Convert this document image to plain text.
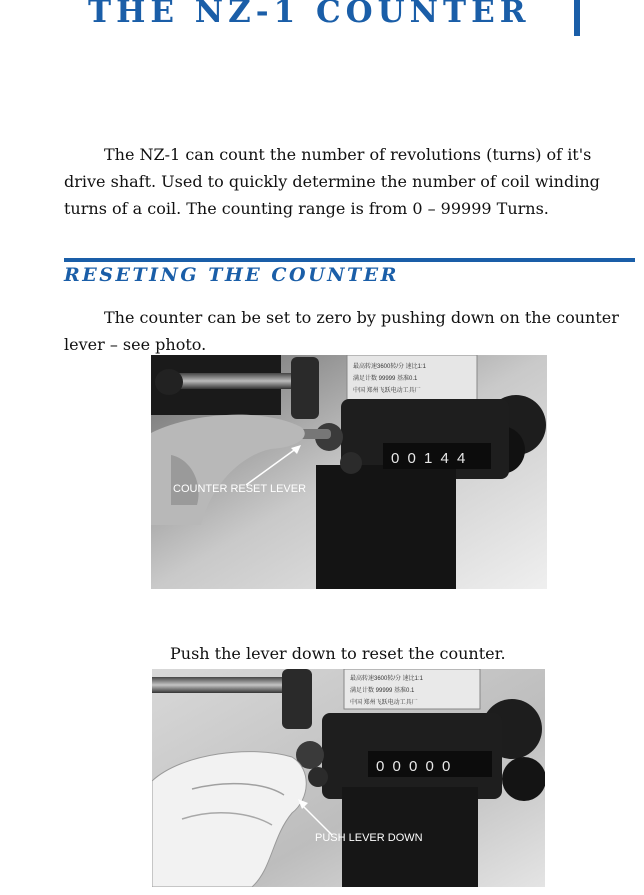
THE NZ-1 COUNTER
The NZ-1 can count the number of revolutions (turns) of it's
drive shaft. Used to quickly determine the number of coil winding
turns of a coil. The counting range is from 0 – 99999 Turns.
RESETING THE COUNTER
The counter can be set to zero by pushing down on the counter
lever – see photo.
最高转速3600转/分 速比1:1
满足计数 99999 基准0.1
中国 郑州飞跃电动工具厂
0 0 1 4 4
COUNTER RESET LEVER
Push the lever down to reset the counter.
最高转速3600转/分 速比1:1
满足计数 99999 基准0.1
中国 郑州飞跃电动工具厂
0 0 0 0 0
PUSH LEVER DOWN
